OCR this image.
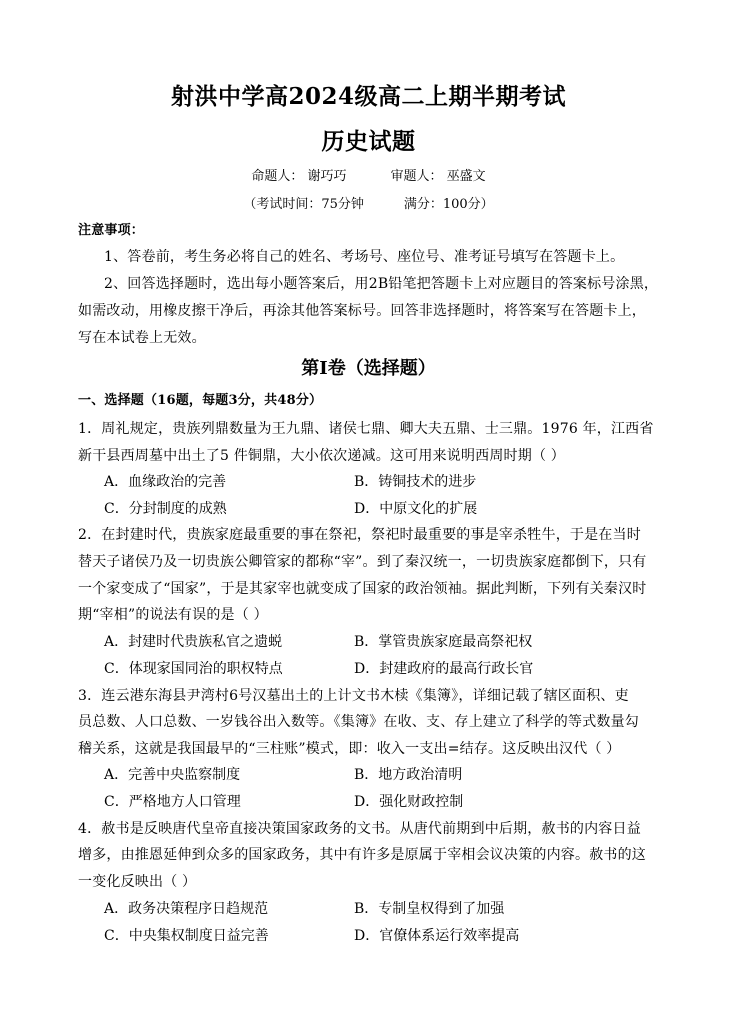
射洪中学高2024级高二上期半期考试
历史试题
命题人： 谢巧巧	审题人： 巫盛文
（考试时间：75分钟	满分：100分）
注意事项：
1、答卷前，考生务必将自己的姓名、考场号、座位号、准考证号填写在答题卡上。
2、回答选择题时，选出每小题答案后，用2B铅笔把答题卡上对应题目的答案标号涂黑，
如需改动，用橡皮擦干净后，再涂其他答案标号。回答非选择题时，将答案写在答题卡上，
写在本试卷上无效。
第Ⅰ卷（选择题）
一、选择题（16题，每题3分，共48分）
1．周礼规定，贵族列鼎数量为王九鼎、诸侯七鼎、卿大夫五鼎、士三鼎。1976 年，江西省
新干县西周墓中出土了5 件铜鼎，大小依次递减。这可用来说明西周时期（ ）
A．血缘政治的完善	B．铸铜技术的进步
C．分封制度的成熟	D．中原文化的扩展
2．在封建时代，贵族家庭最重要的事在祭祀，祭祀时最重要的事是宰杀牲牛，于是在当时
替天子诸侯乃及一切贵族公卿管家的都称“宰”。到了秦汉统一，一切贵族家庭都倒下，只有
一个家变成了“国家”，于是其家宰也就变成了国家的政治领袖。据此判断，下列有关秦汉时
期“宰相”的说法有误的是（ ）
A．封建时代贵族私官之遗蜕	B．掌管贵族家庭最高祭祀权
C．体现家国同治的职权特点	D．封建政府的最高行政长官
3．连云港东海县尹湾村6号汉墓出土的上计文书木椟《集簿》，详细记载了辖区面积、吏
员总数、人口总数、一岁钱谷出入数等。《集簿》在收、支、存上建立了科学的等式数量勾
稽关系，这就是我国最早的“三柱账”模式，即：收入一支出=结存。这反映出汉代（ ）
A．完善中央监察制度	B．地方政治清明
C．严格地方人口管理	D．强化财政控制
4．赦书是反映唐代皇帝直接决策国家政务的文书。从唐代前期到中后期，赦书的内容日益
增多，由推恩延伸到众多的国家政务，其中有许多是原属于宰相会议决策的内容。赦书的这
一变化反映出（ ）
A．政务决策程序日趋规范	B．专制皇权得到了加强
C．中央集权制度日益完善	D．官僚体系运行效率提高
